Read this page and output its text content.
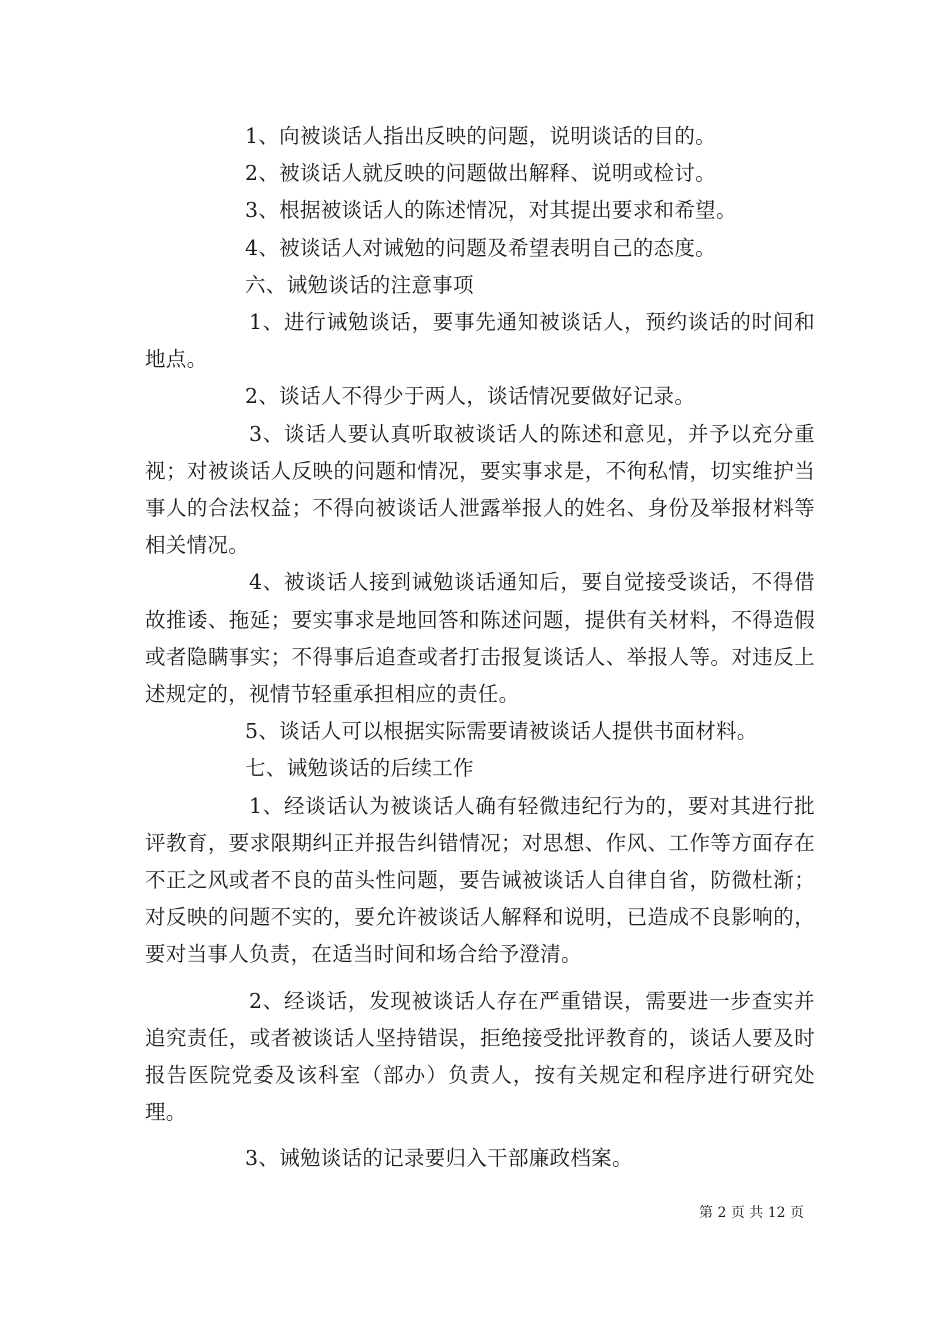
1、向被谈话人指出反映的问题，说明谈话的目的。

2、被谈话人就反映的问题做出解释、说明或检讨。

3、根据被谈话人的陈述情况，对其提出要求和希望。

4、被谈话人对诫勉的问题及希望表明自己的态度。

六、诫勉谈话的注意事项

1、进行诫勉谈话，要事先通知被谈话人，预约谈话的时间和地点。

2、谈话人不得少于两人，谈话情况要做好记录。

3、谈话人要认真听取被谈话人的陈述和意见，并予以充分重视；对被谈话人反映的问题和情况，要实事求是，不徇私情，切实维护当事人的合法权益；不得向被谈话人泄露举报人的姓名、身份及举报材料等相关情况。

4、被谈话人接到诫勉谈话通知后，要自觉接受谈话，不得借故推诿、拖延；要实事求是地回答和陈述问题，提供有关材料，不得造假或者隐瞒事实；不得事后追查或者打击报复谈话人、举报人等。对违反上述规定的，视情节轻重承担相应的责任。

5、谈话人可以根据实际需要请被谈话人提供书面材料。

七、诫勉谈话的后续工作

1、经谈话认为被谈话人确有轻微违纪行为的，要对其进行批评教育，要求限期纠正并报告纠错情况；对思想、作风、工作等方面存在不正之风或者不良的苗头性问题，要告诫被谈话人自律自省，防微杜渐；对反映的问题不实的，要允许被谈话人解释和说明，已造成不良影响的，要对当事人负责，在适当时间和场合给予澄清。

2、经谈话，发现被谈话人存在严重错误，需要进一步查实并追究责任，或者被谈话人坚持错误，拒绝接受批评教育的，谈话人要及时报告医院党委及该科室（部办）负责人，按有关规定和程序进行研究处理。

3、诫勉谈话的记录要归入干部廉政档案。

第 2 页 共 12 页
